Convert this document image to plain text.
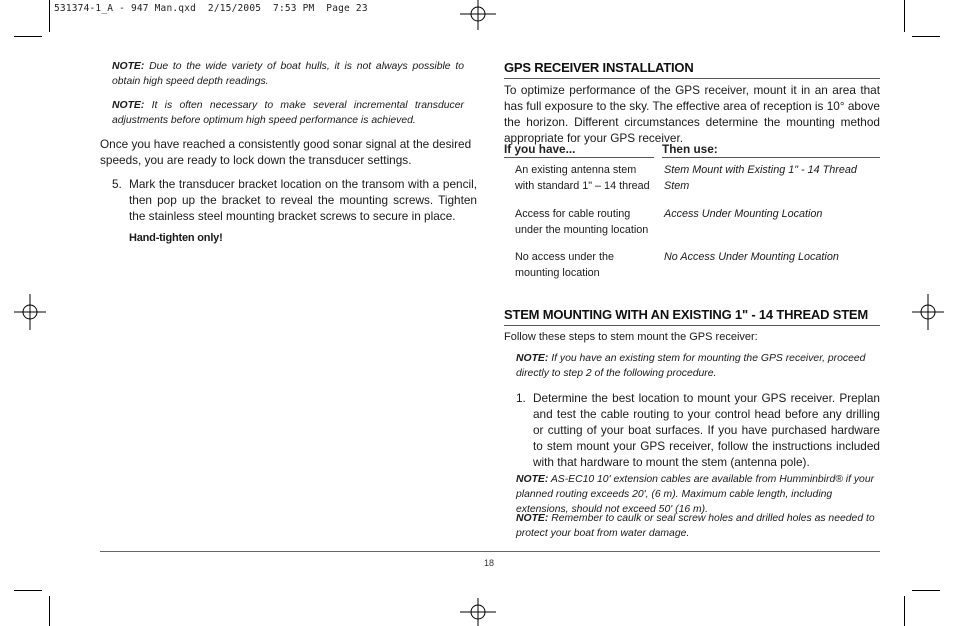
531374-1_A - 947 Man.qxd  2/15/2005  7:53 PM  Page 23
NOTE: Due to the wide variety of boat hulls, it is not always possible to obtain high speed depth readings.
NOTE: It is often necessary to make several incremental transducer adjustments before optimum high speed performance is achieved.
Once you have reached a consistently good sonar signal at the desired speeds, you are ready to lock down the transducer settings.
5. Mark the transducer bracket location on the transom with a pencil, then pop up the bracket to reveal the mounting screws. Tighten the stainless steel mounting bracket screws to secure in place.
Hand-tighten only!
GPS RECEIVER INSTALLATION
To optimize performance of the GPS receiver, mount it in an area that has full exposure to the sky. The effective area of reception is 10° above the horizon. Different circumstances determine the mounting method appropriate for your GPS receiver.
If you have...	Then use:
An existing antenna stem with standard 1" – 14 thread
Stem Mount with Existing 1" - 14 Thread Stem
Access for cable routing under the mounting location
Access Under Mounting Location
No access under the mounting location
No Access Under Mounting Location
STEM MOUNTING WITH AN EXISTING 1" - 14 THREAD STEM
Follow these steps to stem mount the GPS receiver:
NOTE: If you have an existing stem for mounting the GPS receiver, proceed directly to step 2 of the following procedure.
1. Determine the best location to mount your GPS receiver. Preplan and test the cable routing to your control head before any drilling or cutting of your boat surfaces. If you have purchased hardware to stem mount your GPS receiver, follow the instructions included with that hardware to mount the stem (antenna pole).
NOTE: AS-EC10 10' extension cables are available from Humminbird® if your planned routing exceeds 20', (6 m). Maximum cable length, including extensions, should not exceed 50' (16 m).
NOTE: Remember to caulk or seal screw holes and drilled holes as needed to protect your boat from water damage.
18
